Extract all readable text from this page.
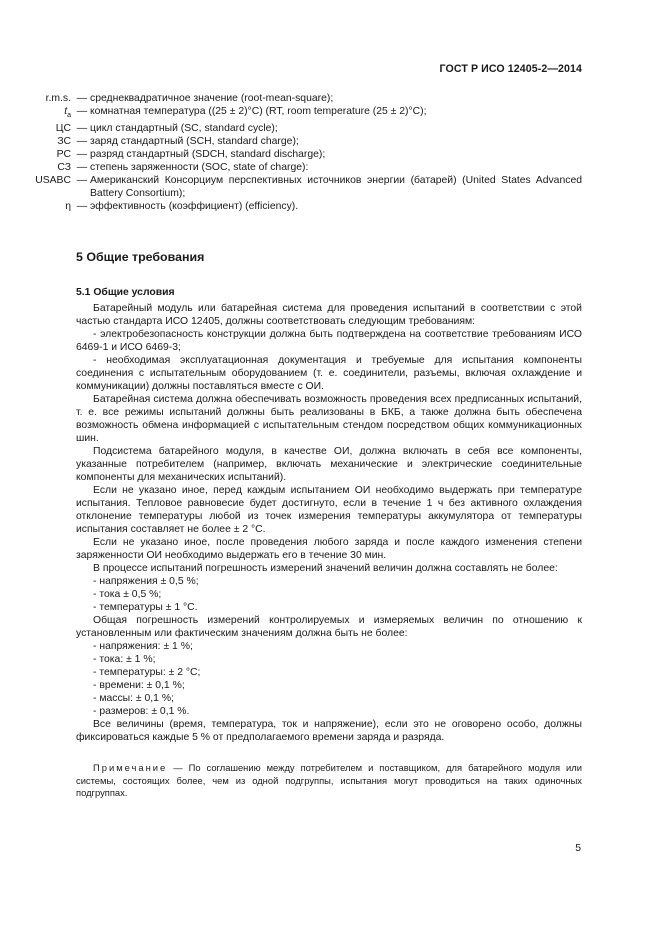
ГОСТ Р ИСО 12405-2—2014
r.m.s. — среднеквадратичное значение (root-mean-square);
$t_a$ — комнатная температура ((25 ± 2)°С) (RT, room temperature (25 ± 2)°C);
ЦС — цикл стандартный (SC, standard cycle);
ЗС — заряд стандартный (SCH, standard charge);
РС — разряд стандартный (SDCH, standard discharge);
СЗ — степень заряженности (SOC, state of charge):
USABC — Американский Консорциум перспективных источников энергии (батарей) (United States Advanced Battery Consortium);
η — эффективность (коэффициент) (efficiency).
5 Общие требования
5.1 Общие условия

Батарейный модуль или батарейная система для проведения испытаний в соответствии с этой частью стандарта ИСО 12405, должны соответствовать следующим требованиям:

- электробезопасность конструкции должна быть подтверждена на соответствие требованиям ИСО 6469-1 и ИСО 6469-3;

- необходимая эксплуатационная документация и требуемые для испытания компоненты соединения с испытательным оборудованием (т. е. соединители, разъемы, включая охлаждение и коммуникации) должны поставляться вместе с ОИ.

Батарейная система должна обеспечивать возможность проведения всех предписанных испытаний, т. е. все режимы испытаний должны быть реализованы в БКБ, а также должна быть обеспечена возможность обмена информацией с испытательным стендом посредством общих коммуникационных шин.

Подсистема батарейного модуля, в качестве ОИ, должна включать в себя все компоненты, указанные потребителем (например, включать механические и электрические соединительные компоненты для механических испытаний).

Если не указано иное, перед каждым испытанием ОИ необходимо выдержать при температуре испытания. Тепловое равновесие будет достигнуто, если в течение 1 ч без активного охлаждения отклонение температуры любой из точек измерения температуры аккумулятора от температуры испытания составляет не более ± 2 °С.

Если не указано иное, после проведения любого заряда и после каждого изменения степени заряженности ОИ необходимо выдержать его в течение 30 мин.

В процессе испытаний погрешность измерений значений величин должна составлять не более:

- напряжения ± 0,5 %;

- тока ± 0,5 %;

- температуры ± 1 °С.

Общая погрешность измерений контролируемых и измеряемых величин по отношению к установленным или фактическим значениям должна быть не более:

- напряжения: ± 1 %;

- тока: ± 1 %;

- температуры: ± 2 °С;

- времени: ± 0,1 %;

- массы: ± 0,1 %;

- размеров: ± 0,1 %.

Все величины (время, температура, ток и напряжение), если это не оговорено особо, должны фиксироваться каждые 5 % от предполагаемого времени заряда и разряда.

Примечание — По соглашению между потребителем и поставщиком, для батарейного модуля или системы, состоящих более, чем из одной подгруппы, испытания могут проводиться на таких одиночных подгруппах.
5
